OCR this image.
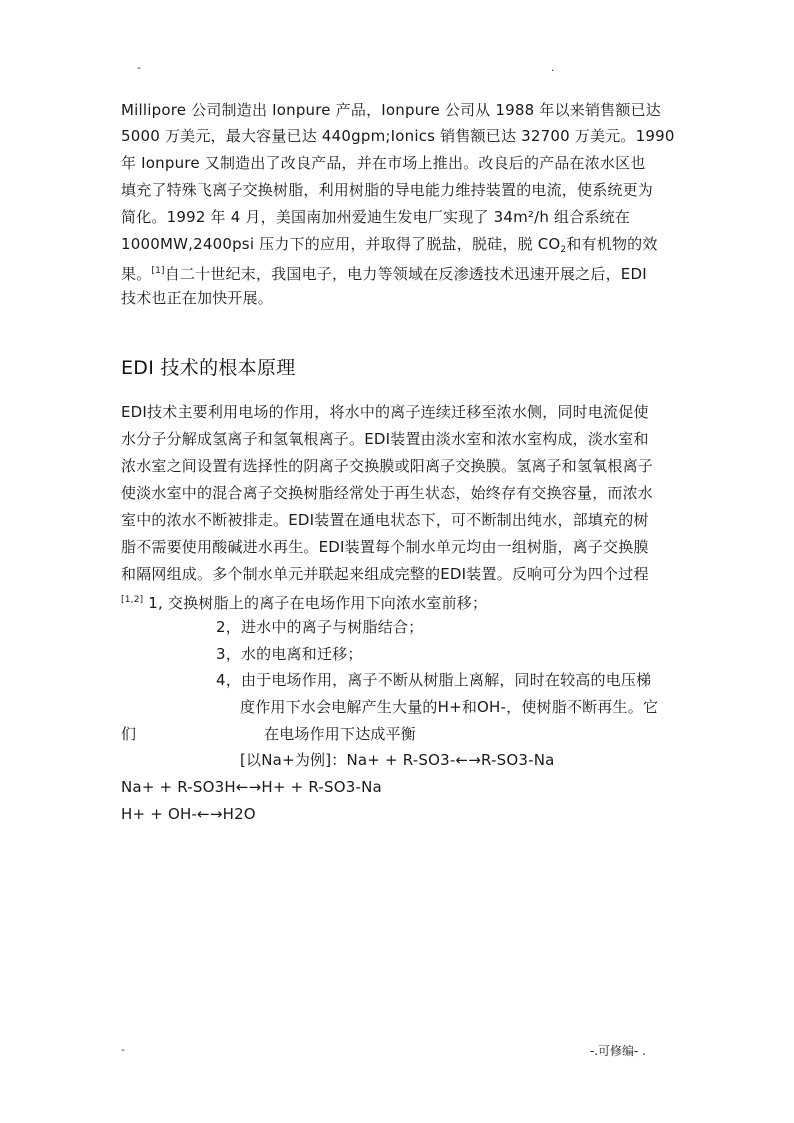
-	.
Millipore 公司制造出 Ionpure 产品，Ionpure 公司从 1988 年以来销售额已达
5000 万美元，最大容量已达 440gpm;Ionics 销售额已达 32700 万美元。1990
年 Ionpure 又制造出了改良产品，并在市场上推出。改良后的产品在浓水区也
填充了特殊飞离子交换树脂，利用树脂的导电能力维持装置的电流，使系统更为
简化。1992 年 4 月，美国南加州爱迪生发电厂实现了 34m²/h 组合系统在
1000MW,2400psi 压力下的应用，并取得了脱盐，脱硅，脱 $CO_2$和有机物的效
果。[1]自二十世纪末，我国电子，电力等领域在反渗透技术迅速开展之后，EDI
技术也正在加快开展。
EDI 技术的根本原理
EDI技术主要利用电场的作用，将水中的离子连续迁移至浓水侧，同时电流促使
水分子分解成氢离子和氢氧根离子。EDI装置由淡水室和浓水室构成，淡水室和
浓水室之间设置有选择性的阴离子交换膜或阳离子交换膜。氢离子和氢氧根离子
使淡水室中的混合离子交换树脂经常处于再生状态，始终存有交换容量，而浓水
室中的浓水不断被排走。EDI装置在通电状态下，可不断制出纯水，部填充的树
脂不需要使用酸碱进水再生。EDI装置每个制水单元均由一组树脂，离子交换膜
和隔网组成。多个制水单元并联起来组成完整的EDI装置。反响可分为四个过程
[1,2] 1, 交换树脂上的离子在电场作用下向浓水室前移；
2，进水中的离子与树脂结合；
3，水的电离和迁移；
4，由于电场作用，离子不断从树脂上离解，同时在较高的电压梯
度作用下水会电解产生大量的H+和OH-，使树脂不断再生。它
们	在电场作用下达成平衡
[以Na+为例]：Na+ + R-SO3-←→R-SO3-Na
Na+ + R-SO3H←→H+ + R-SO3-Na
H+ + OH-←→H2O
-	-.可修编- .
